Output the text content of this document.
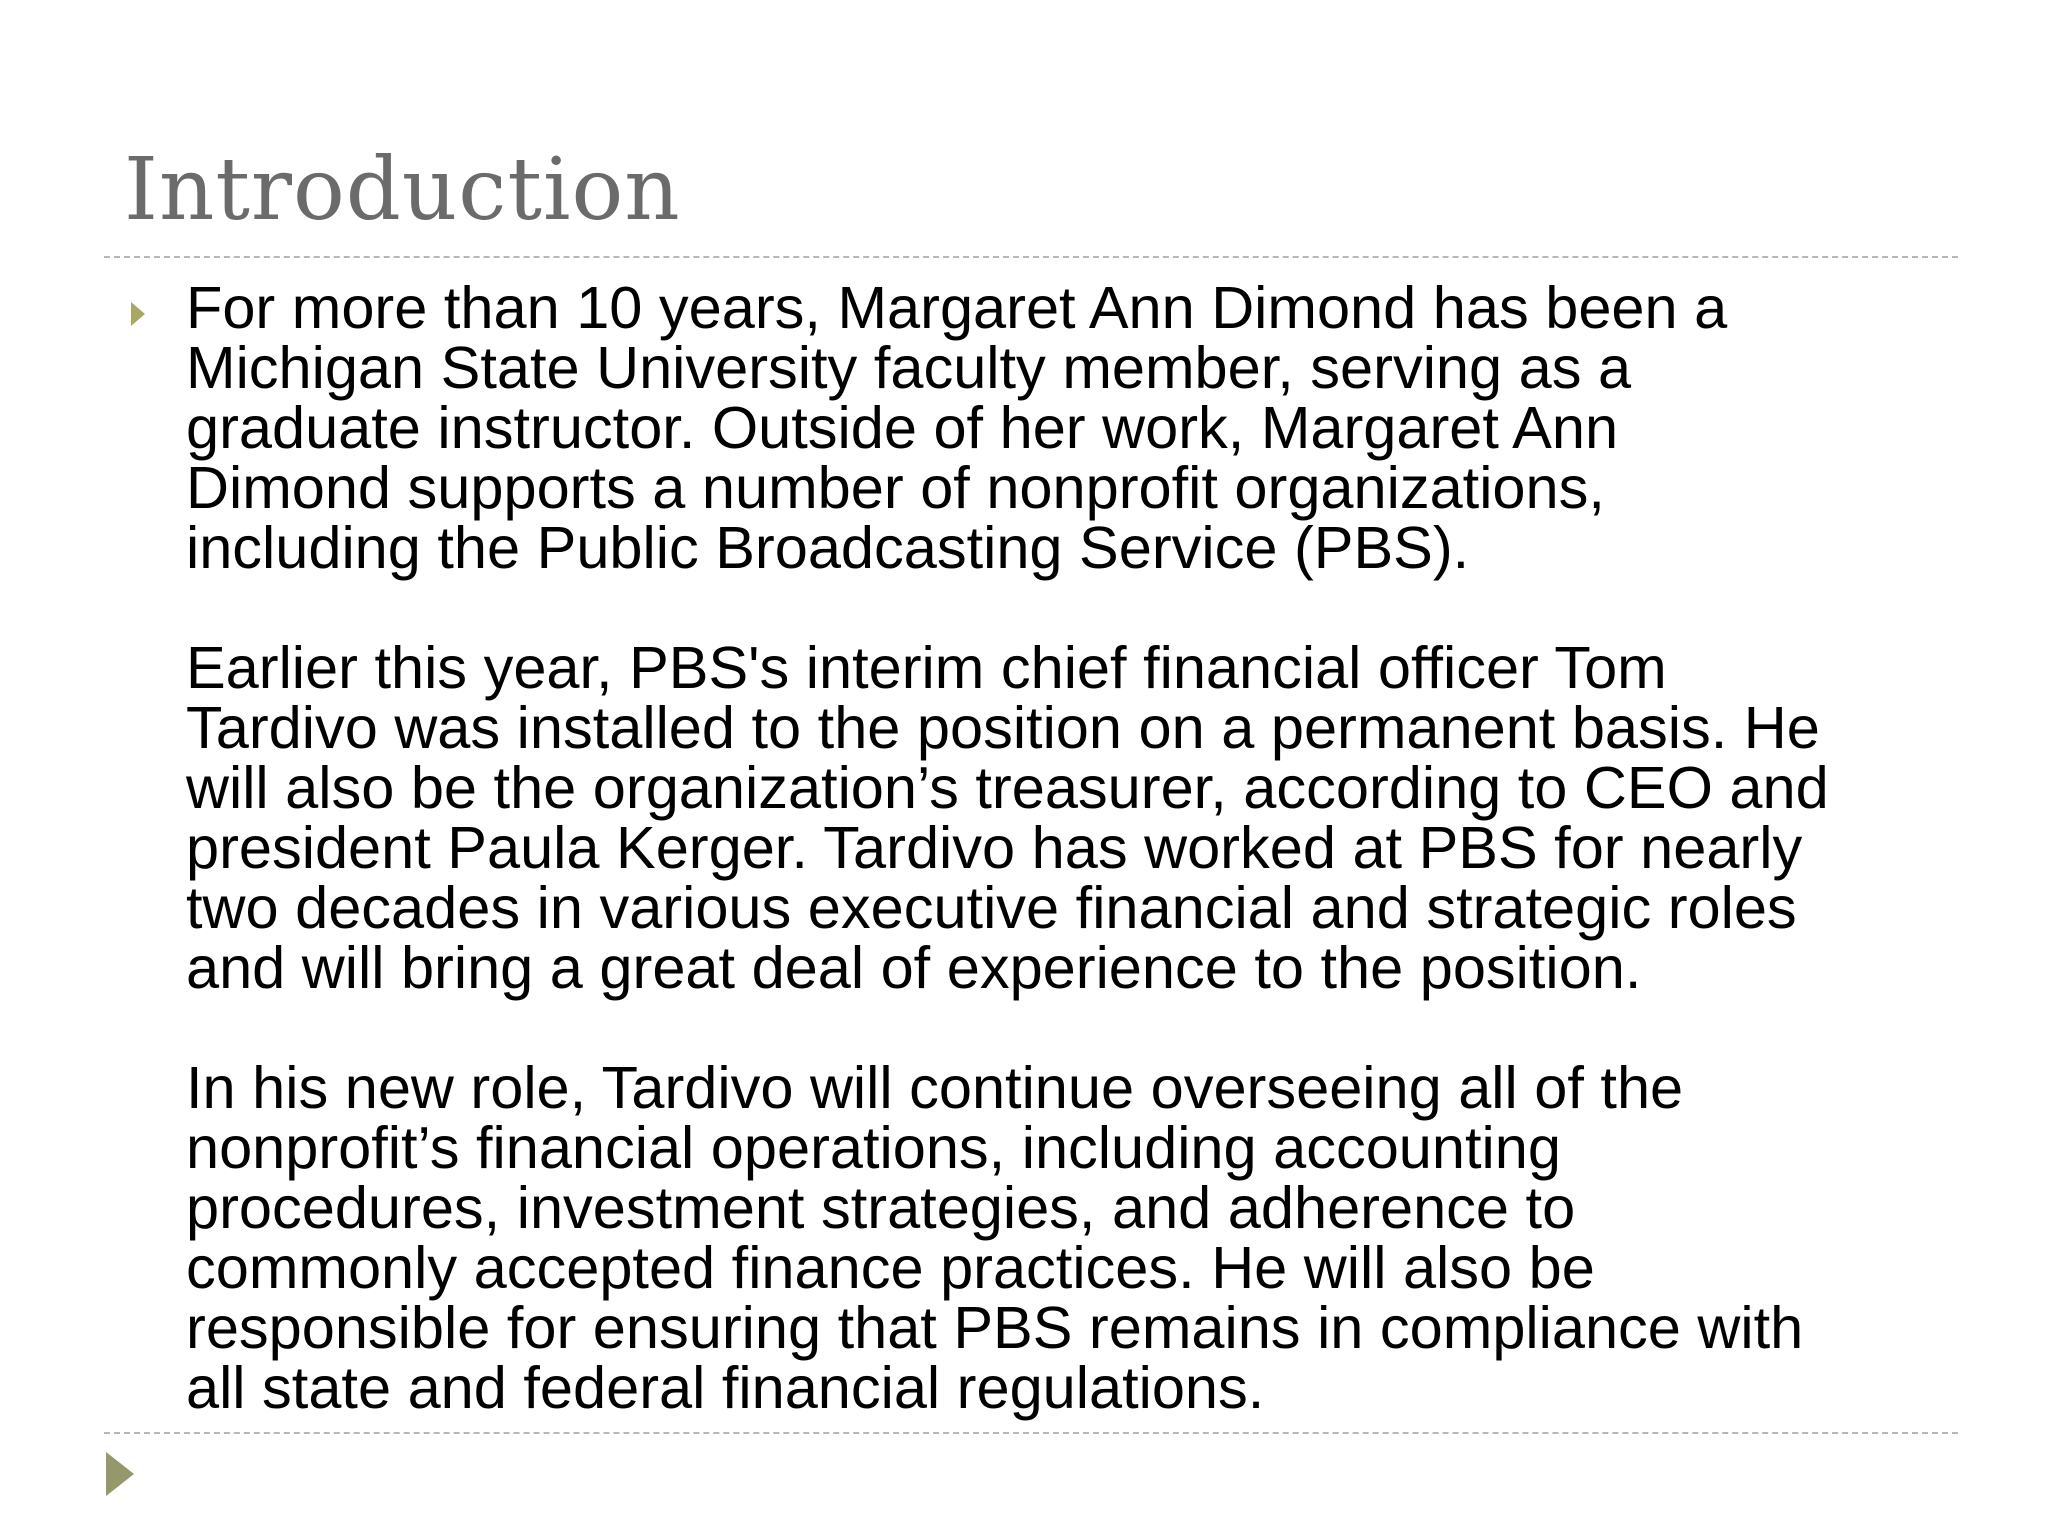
Introduction

For more than 10 years, Margaret Ann Dimond has been a
Michigan State University faculty member, serving as a
graduate instructor. Outside of her work, Margaret Ann
Dimond supports a number of nonprofit organizations,
including the Public Broadcasting Service (PBS).

Earlier this year, PBS's interim chief financial officer Tom
Tardivo was installed to the position on a permanent basis. He
will also be the organization’s treasurer, according to CEO and
president Paula Kerger. Tardivo has worked at PBS for nearly
two decades in various executive financial and strategic roles
and will bring a great deal of experience to the position.

In his new role, Tardivo will continue overseeing all of the
nonprofit’s financial operations, including accounting
procedures, investment strategies, and adherence to
commonly accepted finance practices. He will also be
responsible for ensuring that PBS remains in compliance with
all state and federal financial regulations.
